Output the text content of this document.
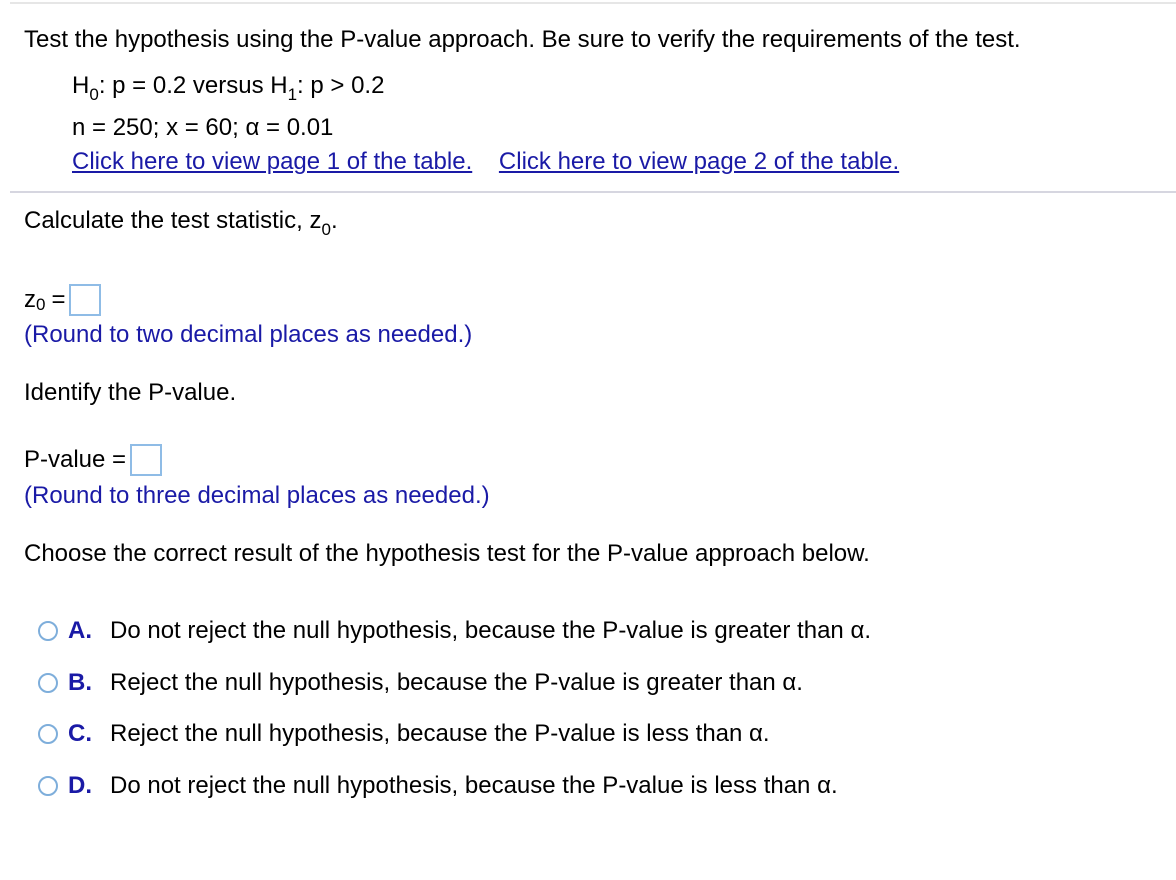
Test the hypothesis using the P-value approach. Be sure to verify the requirements of the test.
$H_0$: p = 0.2 versus $H_1$: p > 0.2
n = 250; x = 60; α = 0.01
Click here to view page 1 of the table. Click here to view page 2 of the table.
Calculate the test statistic, $z_0$.
z 0 =
(Round to two decimal places as needed.)
Identify the P-value.
P-value =
(Round to three decimal places as needed.)
Choose the correct result of the hypothesis test for the P-value approach below.
A. Do not reject the null hypothesis, because the P-value is greater than α.
B. Reject the null hypothesis, because the P-value is greater than α.
C. Reject the null hypothesis, because the P-value is less than α.
D. Do not reject the null hypothesis, because the P-value is less than α.
